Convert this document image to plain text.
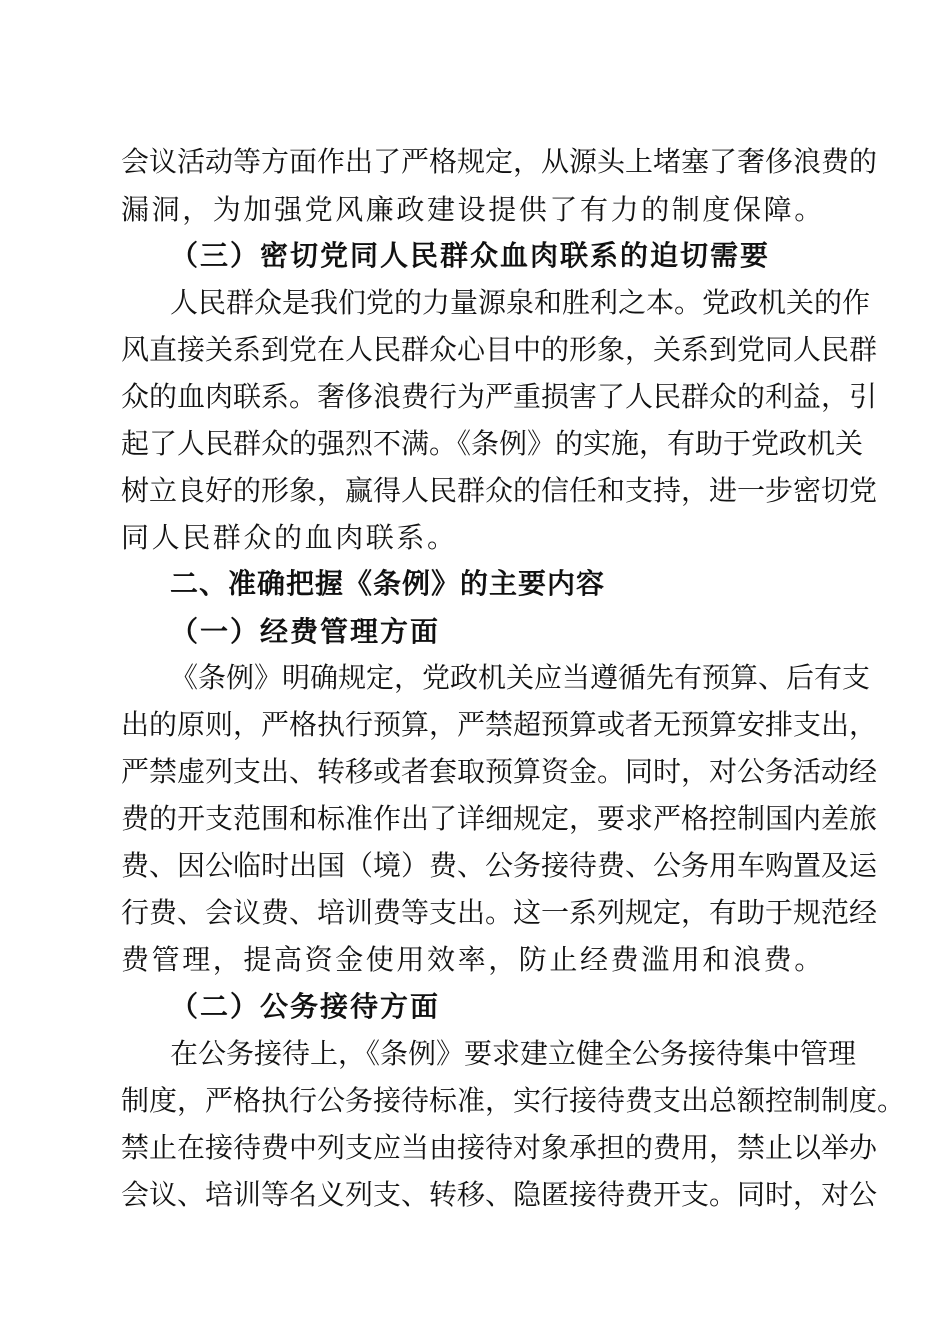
会议活动等方面作出了严格规定，从源头上堵塞了奢侈浪费的
漏洞，为加强党风廉政建设提供了有力的制度保障。
（三）密切党同人民群众血肉联系的迫切需要
人民群众是我们党的力量源泉和胜利之本。党政机关的作
风直接关系到党在人民群众心目中的形象，关系到党同人民群
众的血肉联系。奢侈浪费行为严重损害了人民群众的利益，引
起了人民群众的强烈不满。《条例》的实施，有助于党政机关
树立良好的形象，赢得人民群众的信任和支持，进一步密切党
同人民群众的血肉联系。
二、准确把握《条例》的主要内容
（一）经费管理方面
《条例》明确规定，党政机关应当遵循先有预算、后有支
出的原则，严格执行预算，严禁超预算或者无预算安排支出，
严禁虚列支出、转移或者套取预算资金。同时，对公务活动经
费的开支范围和标准作出了详细规定，要求严格控制国内差旅
费、因公临时出国（境）费、公务接待费、公务用车购置及运
行费、会议费、培训费等支出。这一系列规定，有助于规范经
费管理，提高资金使用效率，防止经费滥用和浪费。
（二）公务接待方面
在公务接待上，《条例》要求建立健全公务接待集中管理
制度，严格执行公务接待标准，实行接待费支出总额控制制度。
禁止在接待费中列支应当由接待对象承担的费用，禁止以举办
会议、培训等名义列支、转移、隐匿接待费开支。同时，对公
